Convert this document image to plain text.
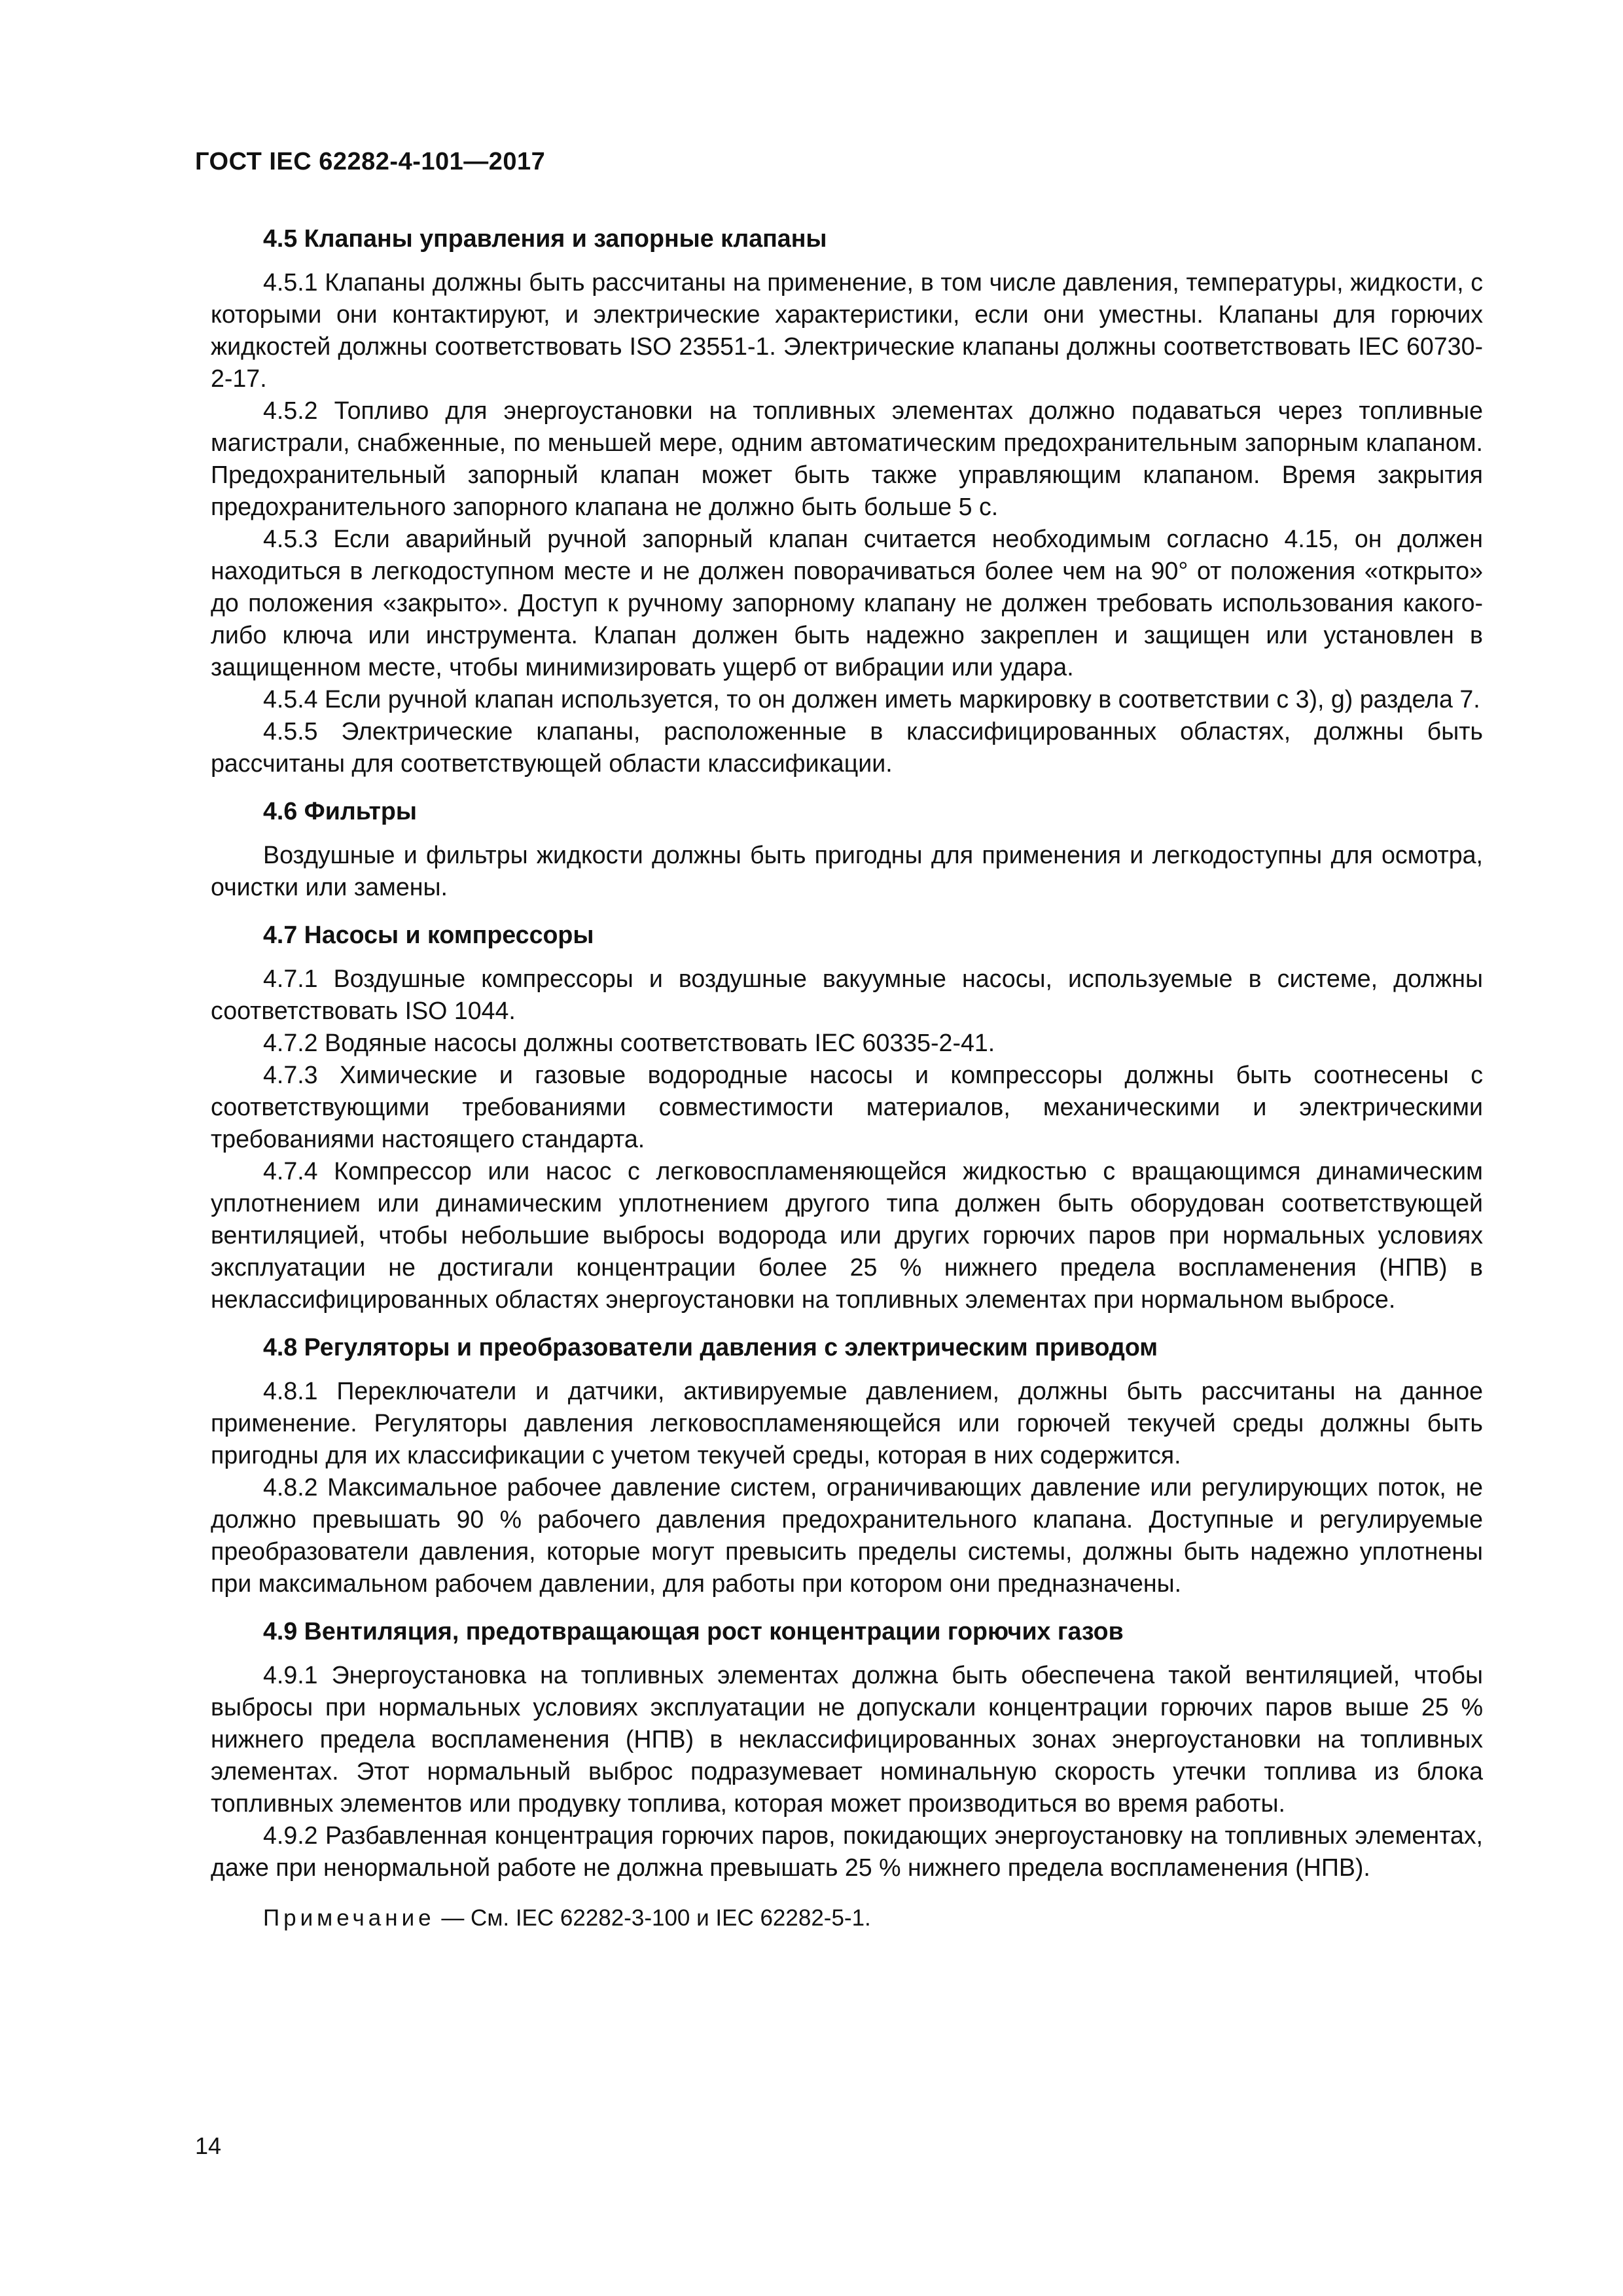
ГОСТ IEC 62282-4-101—2017

4.5 Клапаны управления и запорные клапаны

4.5.1 Клапаны должны быть рассчитаны на применение, в том числе давления, температуры, жидкости, с которыми они контактируют, и электрические характеристики, если они уместны. Клапаны для горючих жидкостей должны соответствовать ISO 23551-1. Электрические клапаны должны соответствовать IEC 60730-2-17.

4.5.2 Топливо для энергоустановки на топливных элементах должно подаваться через топливные магистрали, снабженные, по меньшей мере, одним автоматическим предохранительным запорным клапаном. Предохранительный запорный клапан может быть также управляющим клапаном. Время закрытия предохранительного запорного клапана не должно быть больше 5 с.

4.5.3 Если аварийный ручной запорный клапан считается необходимым согласно 4.15, он должен находиться в легкодоступном месте и не должен поворачиваться более чем на 90° от положения «открыто» до положения «закрыто». Доступ к ручному запорному клапану не должен требовать использования какого-либо ключа или инструмента. Клапан должен быть надежно закреплен и защищен или установлен в защищенном месте, чтобы минимизировать ущерб от вибрации или удара.

4.5.4 Если ручной клапан используется, то он должен иметь маркировку в соответствии с 3), g) раздела 7.

4.5.5 Электрические клапаны, расположенные в классифицированных областях, должны быть рассчитаны для соответствующей области классификации.

4.6 Фильтры

Воздушные и фильтры жидкости должны быть пригодны для применения и легкодоступны для осмотра, очистки или замены.

4.7 Насосы и компрессоры

4.7.1 Воздушные компрессоры и воздушные вакуумные насосы, используемые в системе, должны соответствовать ISO 1044.

4.7.2 Водяные насосы должны соответствовать IEC 60335-2-41.

4.7.3 Химические и газовые водородные насосы и компрессоры должны быть соотнесены с соответствующими требованиями совместимости материалов, механическими и электрическими требованиями настоящего стандарта.

4.7.4 Компрессор или насос с легковоспламеняющейся жидкостью с вращающимся динамическим уплотнением или динамическим уплотнением другого типа должен быть оборудован соответствующей вентиляцией, чтобы небольшие выбросы водорода или других горючих паров при нормальных условиях эксплуатации не достигали концентрации более 25 % нижнего предела воспламенения (НПВ) в неклассифицированных областях энергоустановки на топливных элементах при нормальном выбросе.

4.8 Регуляторы и преобразователи давления с электрическим приводом

4.8.1 Переключатели и датчики, активируемые давлением, должны быть рассчитаны на данное применение. Регуляторы давления легковоспламеняющейся или горючей текучей среды должны быть пригодны для их классификации с учетом текучей среды, которая в них содержится.

4.8.2 Максимальное рабочее давление систем, ограничивающих давление или регулирующих поток, не должно превышать 90 % рабочего давления предохранительного клапана. Доступные и регулируемые преобразователи давления, которые могут превысить пределы системы, должны быть надежно уплотнены при максимальном рабочем давлении, для работы при котором они предназначены.

4.9 Вентиляция, предотвращающая рост концентрации горючих газов

4.9.1 Энергоустановка на топливных элементах должна быть обеспечена такой вентиляцией, чтобы выбросы при нормальных условиях эксплуатации не допускали концентрации горючих паров выше 25 % нижнего предела воспламенения (НПВ) в неклассифицированных зонах энергоустановки на топливных элементах. Этот нормальный выброс подразумевает номинальную скорость утечки топлива из блока топливных элементов или продувку топлива, которая может производиться во время работы.

4.9.2 Разбавленная концентрация горючих паров, покидающих энергоустановку на топливных элементах, даже при ненормальной работе не должна превышать 25 % нижнего предела воспламенения (НПВ).

Примечание — См. IEC 62282-3-100 и IEC 62282-5-1.

14
